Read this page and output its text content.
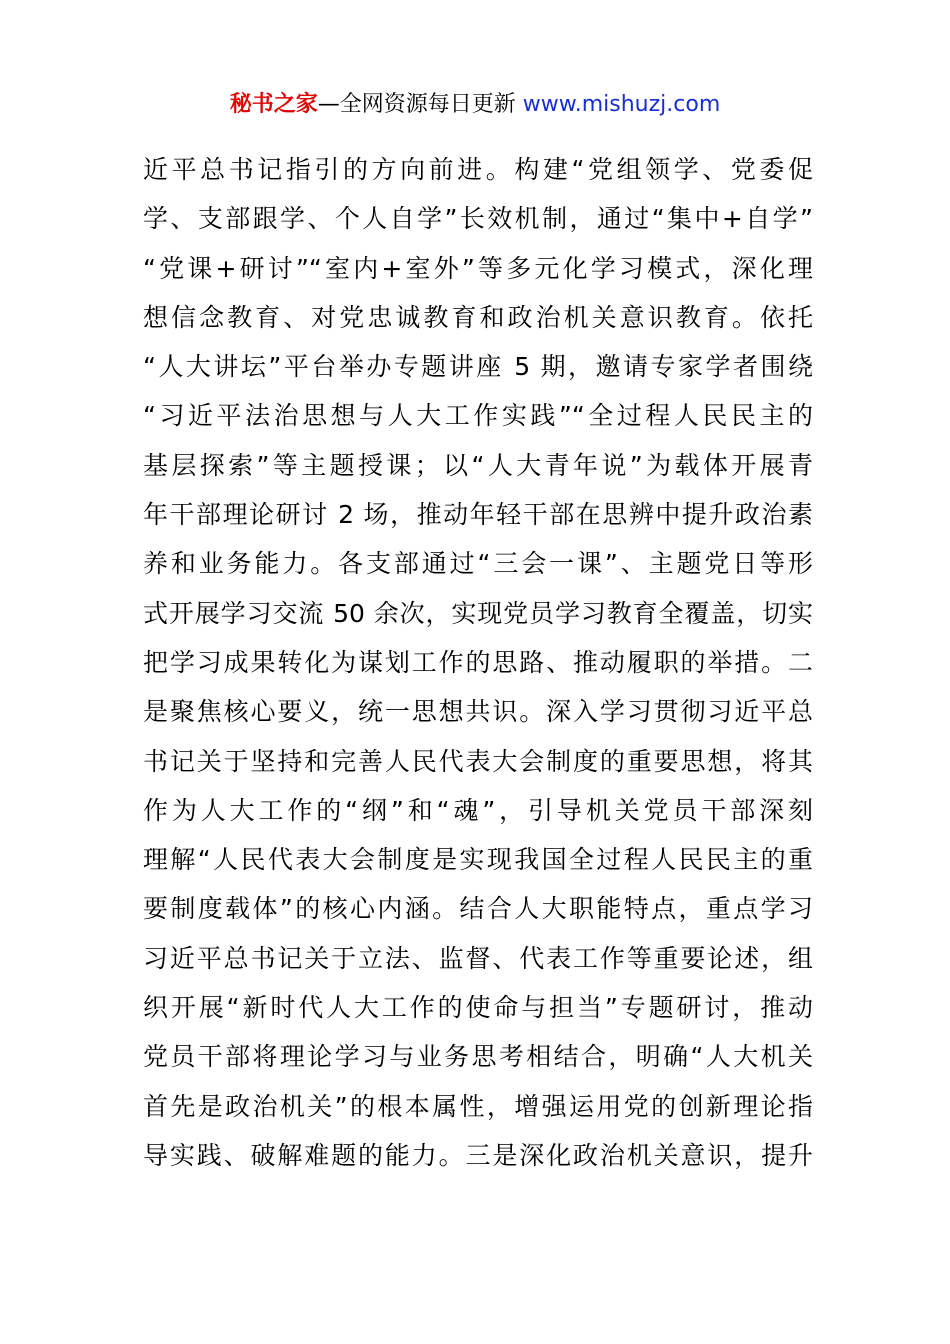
秘书之家—全网资源每日更新 www.mishuzj.com
近平总书记指引的方向前进。构建“党组领学、党委促
学、支部跟学、个人自学”长效机制，通过“集中+自学”
“党课+研讨”“室内+室外”等多元化学习模式，深化理
想信念教育、对党忠诚教育和政治机关意识教育。依托
“人大讲坛”平台举办专题讲座 5 期，邀请专家学者围绕
“习近平法治思想与人大工作实践”“全过程人民民主的
基层探索”等主题授课；以“人大青年说”为载体开展青
年干部理论研讨 2 场，推动年轻干部在思辨中提升政治素
养和业务能力。各支部通过“三会一课”、主题党日等形
式开展学习交流 50 余次，实现党员学习教育全覆盖，切实
把学习成果转化为谋划工作的思路、推动履职的举措。二
是聚焦核心要义，统一思想共识。深入学习贯彻习近平总
书记关于坚持和完善人民代表大会制度的重要思想，将其
作为人大工作的“纲”和“魂”，引导机关党员干部深刻
理解“人民代表大会制度是实现我国全过程人民民主的重
要制度载体”的核心内涵。结合人大职能特点，重点学习
习近平总书记关于立法、监督、代表工作等重要论述，组
织开展“新时代人大工作的使命与担当”专题研讨，推动
党员干部将理论学习与业务思考相结合，明确“人大机关
首先是政治机关”的根本属性，增强运用党的创新理论指
导实践、破解难题的能力。三是深化政治机关意识，提升
